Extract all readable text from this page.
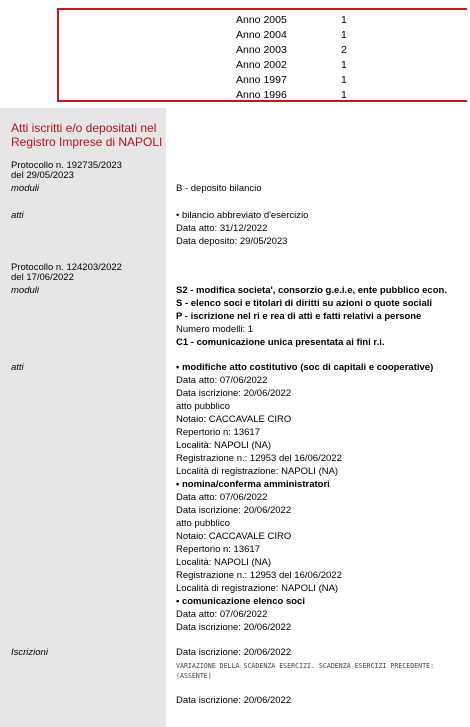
Anno 2005	1
Anno 2004	1
Anno 2003	2
Anno 2002	1
Anno 1997	1
Anno 1996	1
Atti iscritti e/o depositati nel Registro Imprese di NAPOLI
Protocollo n. 192735/2023
del 29/05/2023
moduli	B - deposito bilancio
atti	• bilancio abbreviato d'esercizio
Data atto: 31/12/2022
Data deposito: 29/05/2023
Protocollo n. 124203/2022
del 17/06/2022
moduli	S2 - modifica societa', consorzio g.e.i.e, ente pubblico econ.
S - elenco soci e titolari di diritti su azioni o quote sociali
P - iscrizione nel ri e rea di atti e fatti relativi a persone
Numero modelli: 1
C1 - comunicazione unica presentata ai fini r.i.
atti	• modifiche atto costitutivo (soc di capitali e cooperative)
Data atto: 07/06/2022
Data iscrizione: 20/06/2022
atto pubblico
Notaio: CACCAVALE CIRO
Repertorio n: 13617
Località: NAPOLI (NA)
Registrazione n.: 12953 del 16/06/2022
Località di registrazione: NAPOLI (NA)
• nomina/conferma amministratori
Data atto: 07/06/2022
Data iscrizione: 20/06/2022
atto pubblico
Notaio: CACCAVALE CIRO
Repertorio n: 13617
Località: NAPOLI (NA)
Registrazione n.: 12953 del 16/06/2022
Località di registrazione: NAPOLI (NA)
• comunicazione elenco soci
Data atto: 07/06/2022
Data iscrizione: 20/06/2022
Iscrizioni	Data iscrizione: 20/06/2022
VARIAZIONE DELLA SCADENZA ESERCIZI. SCADENZA ESERCIZI PRECEDENTE: (ASSENTE)
Data iscrizione: 20/06/2022
